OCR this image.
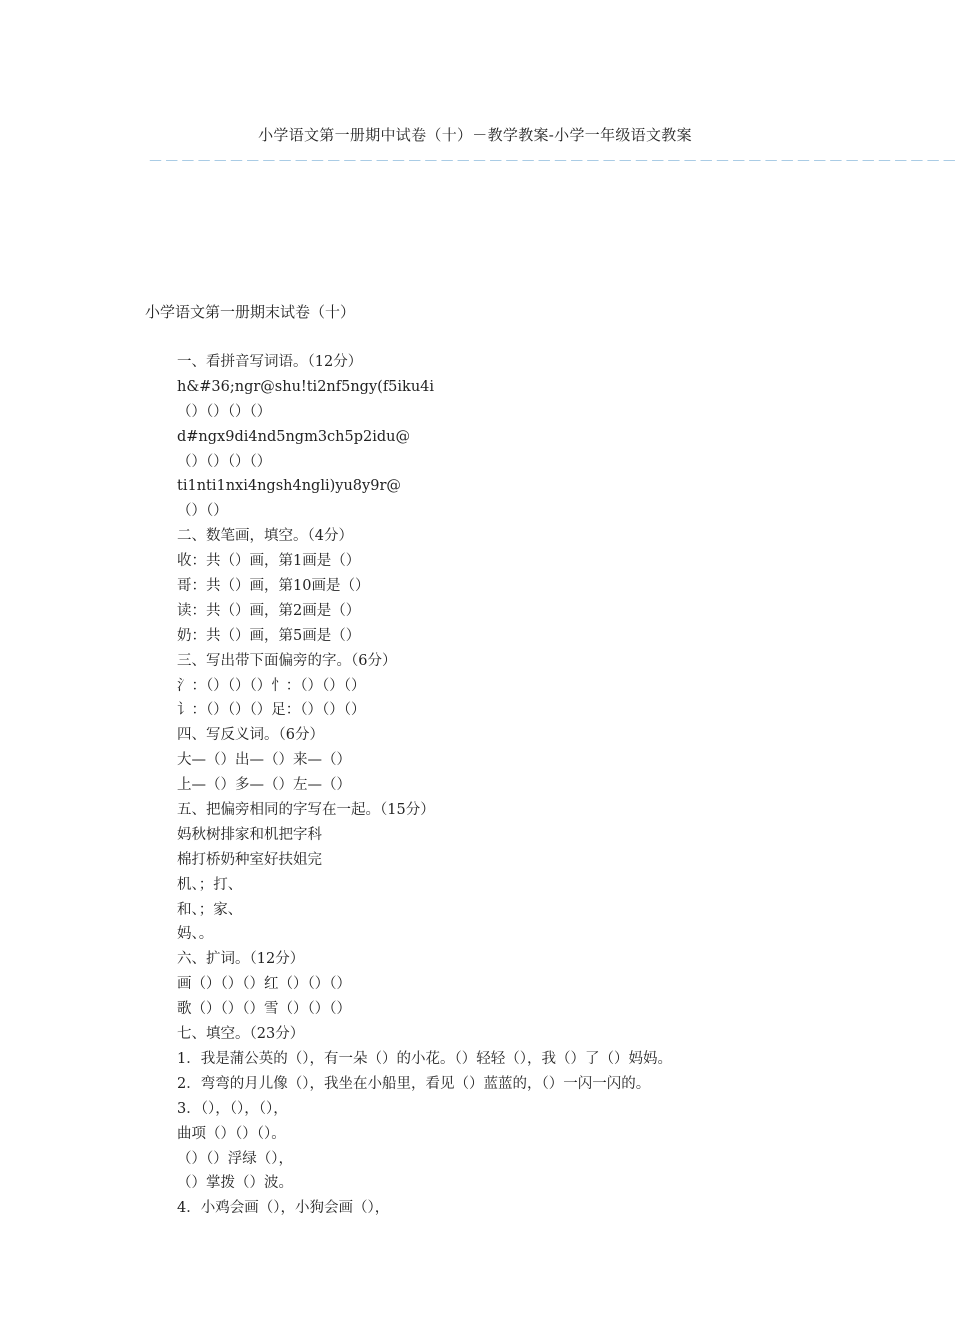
小学语文第一册期中试卷（十）－教学教案-小学一年级语文教案
－－－－－－－－－－－－－－－－－－－－－－－－－－－－－－－－－－－－－－－－－－－－－－－－－－
小学语文第一册期末试卷（十）
一、看拼音写词语。（12分）
h&#36;ngr@shu!ti2nf5ngy(f5iku4i
（）（）（）（）
d#ngx9di4nd5ngm3ch5p2idu@
（）（）（）（）
ti1nti1nxi4ngsh4ngli)yu8y9r@
（）（）
二、数笔画，填空。（4分）
收：共（）画，第1画是（）
哥：共（）画，第10画是（）
读：共（）画，第2画是（）
奶：共（）画，第5画是（）
三、写出带下面偏旁的字。（6分）
氵：（）（）（）忄：（）（）（）
讠：（）（）（）足：（）（）（）
四、写反义词。（6分）
大—（）出—（）来—（）
上—（）多—（）左—（）
五、把偏旁相同的字写在一起。（15分）
妈秋树排家和机把字科
棉打桥奶种室好扶姐完
机、；打、
和、；家、
妈、。
六、扩词。（12分）
画（）（）（）红（）（）（）
歌（）（）（）雪（）（）（）
七、填空。（23分）
1．我是蒲公英的（），有一朵（）的小花。（）轻轻（），我（）了（）妈妈。
2．弯弯的月儿像（），我坐在小船里，看见（）蓝蓝的，（）一闪一闪的。
3．（），（），（），
曲项（）（）（）。
（）（）浮绿（），
（）掌拨（）波。
4．小鸡会画（），小狗会画（），
